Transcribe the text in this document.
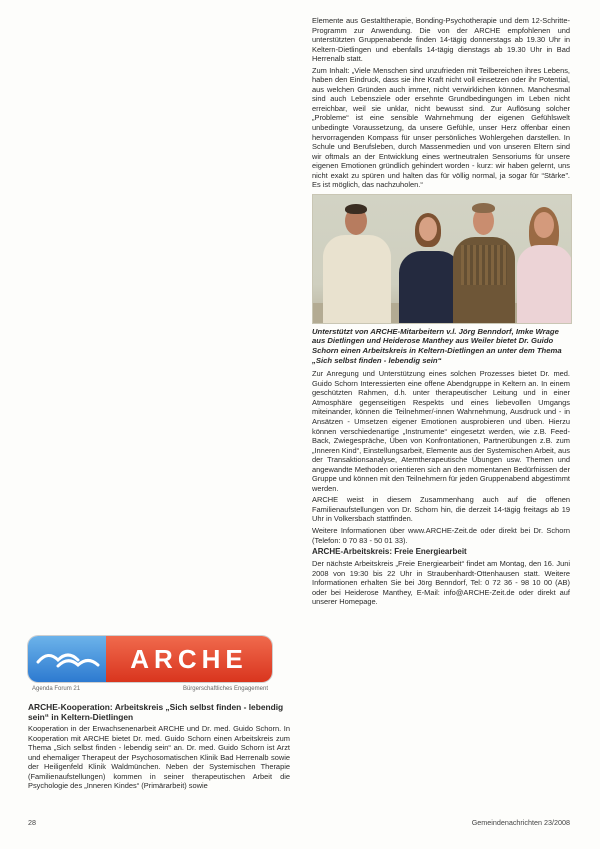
Elemente aus Gestalttherapie, Bonding-Psychotherapie und dem 12-Schritte-Programm zur Anwendung. Die von der ARCHE empfohlenen und unterstützten Gruppenabende finden 14-tägig donnerstags ab 19.30 Uhr in Keltern-Dietlingen und ebenfalls 14-tägig dienstags ab 19.30 Uhr in Bad Herrenalb statt.

Zum Inhalt: „Viele Menschen sind unzufrieden mit Teilbereichen ihres Lebens, haben den Eindruck, dass sie ihre Kraft nicht voll einsetzen oder ihr Potential, aus welchen Gründen auch immer, nicht verwirklichen können. Manchesmal sind auch Lebensziele oder ersehnte Grundbedingungen im Leben nicht erreichbar, weil sie unklar, nicht bewusst sind. Zur Auflösung solcher „Probleme“ ist eine sensible Wahrnehmung der eigenen Gefühlswelt unbedingte Voraussetzung, da unsere Gefühle, unser Herz offenbar einen hervorragenden Kompass für unser persönliches Wohlergehen darstellen. In Schule und Berufsleben, durch Massenmedien und von unseren Eltern sind wir oftmals an der Entwicklung eines wertneutralen Sensoriums für unsere eigenen Emotionen gründlich gehindert worden - kurz: wir haben gelernt, uns nicht exakt zu spüren und halten das für völlig normal, ja sogar für “Stärke”. Es ist möglich, das nachzuholen.“

Unterstützt von ARCHE-Mitarbeitern v.l. Jörg Benndorf, Imke Wrage aus Dietlingen und Heiderose Manthey aus Weiler bietet Dr. Guido Schorn einen Arbeitskreis in Keltern-Dietlingen an unter dem Thema „Sich selbst finden - lebendig sein“

Zur Anregung und Unterstützung eines solchen Prozesses bietet Dr. med. Guido Schorn Interessierten eine offene Abendgruppe in Keltern an. In einem geschützten Rahmen, d.h. unter therapeutischer Leitung und in einer Atmosphäre gegenseitigen Respekts und eines liebevollen Umgangs miteinander, können die Teilnehmer/-innen Wahrnehmung, Ausdruck und - in Ansätzen - Umsetzen eigener Emotionen ausprobieren und üben. Hierzu können verschiedenartige „Instrumente“ eingesetzt werden, wie z.B. Feed-Back, Zwiegespräche, Üben von Konfrontationen, Partnerübungen z.B. zum „Inneren Kind“, Einstellungsarbeit, Elemente aus der Systemischen Arbeit, aus der Transaktionsanalyse, Atemtherapeutische Übungen usw. Themen und angewandte Methoden orientieren sich an den momentanen Bedürfnissen der Gruppe und können mit den Teilnehmern für jeden Gruppenabend abgestimmt werden.

ARCHE weist in diesem Zusammenhang auch auf die offenen Familienaufstellungen von Dr. Schorn hin, die derzeit 14-tägig freitags ab 19 Uhr in Volkersbach stattfinden.

Weitere Informationen über www.ARCHE-Zeit.de oder direkt bei Dr. Schorn (Telefon: 0 70 83 - 50 01 33).

ARCHE-Arbeitskreis: Freie Energiearbeit

Der nächste Arbeitskreis „Freie Energiearbeit“ findet am Montag, den 16. Juni 2008 von 19:30 bis 22 Uhr in Straubenhardt-Ottenhausen statt. Weitere Informationen erhalten Sie bei Jörg Benndorf, Tel: 0 72 36 - 98 10 00 (AB) oder bei Heiderose Manthey, E-Mail: info@ARCHE-Zeit.de oder direkt auf unserer Homepage.

ARCHE
Agenda Forum 21	Bürgerschaftliches Engagement
ARCHE-Kooperation: Arbeitskreis „Sich selbst finden - lebendig sein“ in Keltern-Dietlingen

Kooperation in der Erwachsenenarbeit ARCHE und Dr. med. Guido Schorn. In Kooperation mit ARCHE bietet Dr. med. Guido Schorn einen Arbeitskreis zum Thema „Sich selbst finden - lebendig sein“ an. Dr. med. Guido Schorn ist Arzt und ehemaliger Therapeut der Psychosomatischen Klinik Bad Herrenalb sowie der Heiligenfeld Klinik Waldmünchen. Neben der Systemischen Therapie (Familienaufstellungen) kommen in seiner therapeutischen Arbeit die Psychologie des „Inneren Kindes“ (Primärarbeit) sowie

28	Gemeindenachrichten 23/2008
